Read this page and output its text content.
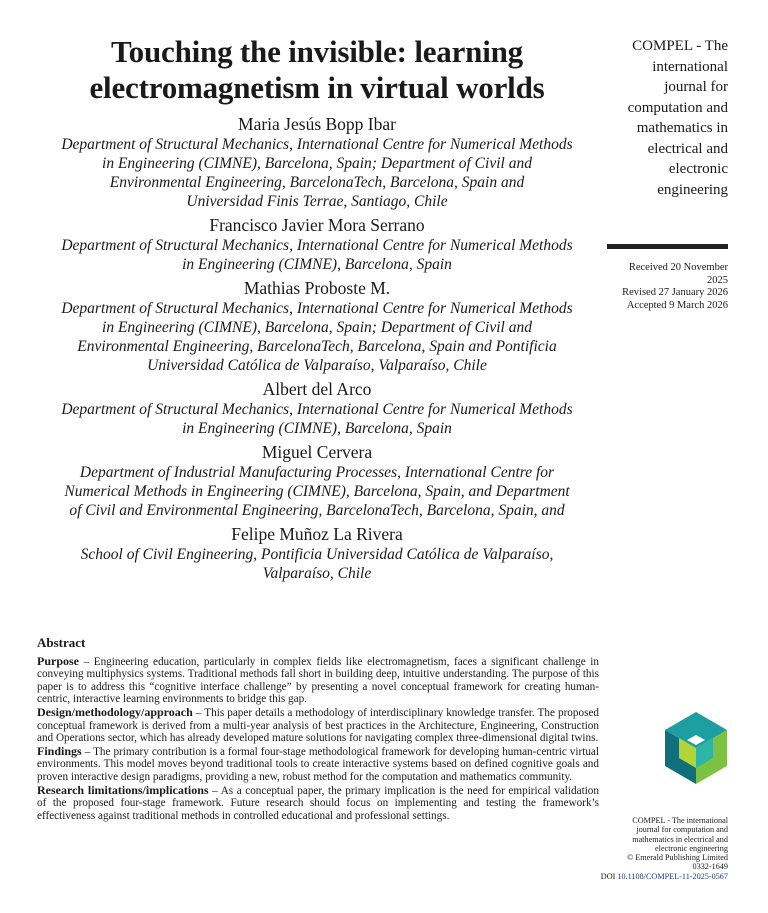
Touching the invisible: learning
electromagnetism in virtual worlds
Maria Jesús Bopp Ibar
Department of Structural Mechanics, International Centre for Numerical Methods
in Engineering (CIMNE), Barcelona, Spain; Department of Civil and
Environmental Engineering, BarcelonaTech, Barcelona, Spain and
Universidad Finis Terrae, Santiago, Chile
Francisco Javier Mora Serrano
Department of Structural Mechanics, International Centre for Numerical Methods
in Engineering (CIMNE), Barcelona, Spain
Mathias Proboste M.
Department of Structural Mechanics, International Centre for Numerical Methods
in Engineering (CIMNE), Barcelona, Spain; Department of Civil and
Environmental Engineering, BarcelonaTech, Barcelona, Spain and Pontificia
Universidad Católica de Valparaíso, Valparaíso, Chile
Albert del Arco
Department of Structural Mechanics, International Centre for Numerical Methods
in Engineering (CIMNE), Barcelona, Spain
Miguel Cervera
Department of Industrial Manufacturing Processes, International Centre for
Numerical Methods in Engineering (CIMNE), Barcelona, Spain, and Department
of Civil and Environmental Engineering, BarcelonaTech, Barcelona, Spain, and
Felipe Muñoz La Rivera
School of Civil Engineering, Pontificia Universidad Católica de Valparaíso,
Valparaíso, Chile
COMPEL - The
international
journal for
computation and
mathematics in
electrical and
electronic
engineering
Received 20 November 2025
Revised 27 January 2026
Accepted 9 March 2026
Abstract

Purpose – Engineering education, particularly in complex fields like electromagnetism, faces a significant challenge in conveying multiphysics systems. Traditional methods fall short in building deep, intuitive understanding. The purpose of this paper is to address this “cognitive interface challenge” by presenting a novel conceptual framework for creating human-centric, interactive learning environments to bridge this gap.

Design/methodology/approach – This paper details a methodology of interdisciplinary knowledge transfer. The proposed conceptual framework is derived from a multi-year analysis of best practices in the Architecture, Engineering, Construction and Operations sector, which has already developed mature solutions for navigating complex three-dimensional digital twins.

Findings – The primary contribution is a formal four-stage methodological framework for developing human-centric virtual environments. This model moves beyond traditional tools to create interactive systems based on defined cognitive goals and proven interactive design paradigms, providing a new, robust method for the computation and mathematics community.

Research limitations/implications – As a conceptual paper, the primary implication is the need for empirical validation of the proposed four-stage framework. Future research should focus on implementing and testing the framework’s effectiveness against traditional methods in controlled educational and professional settings.	COMPEL - The international
journal for computation and
mathematics in electrical and
electronic engineering
© Emerald Publishing Limited
0332-1649
DOI 10.1108/COMPEL-11-2025-0567
